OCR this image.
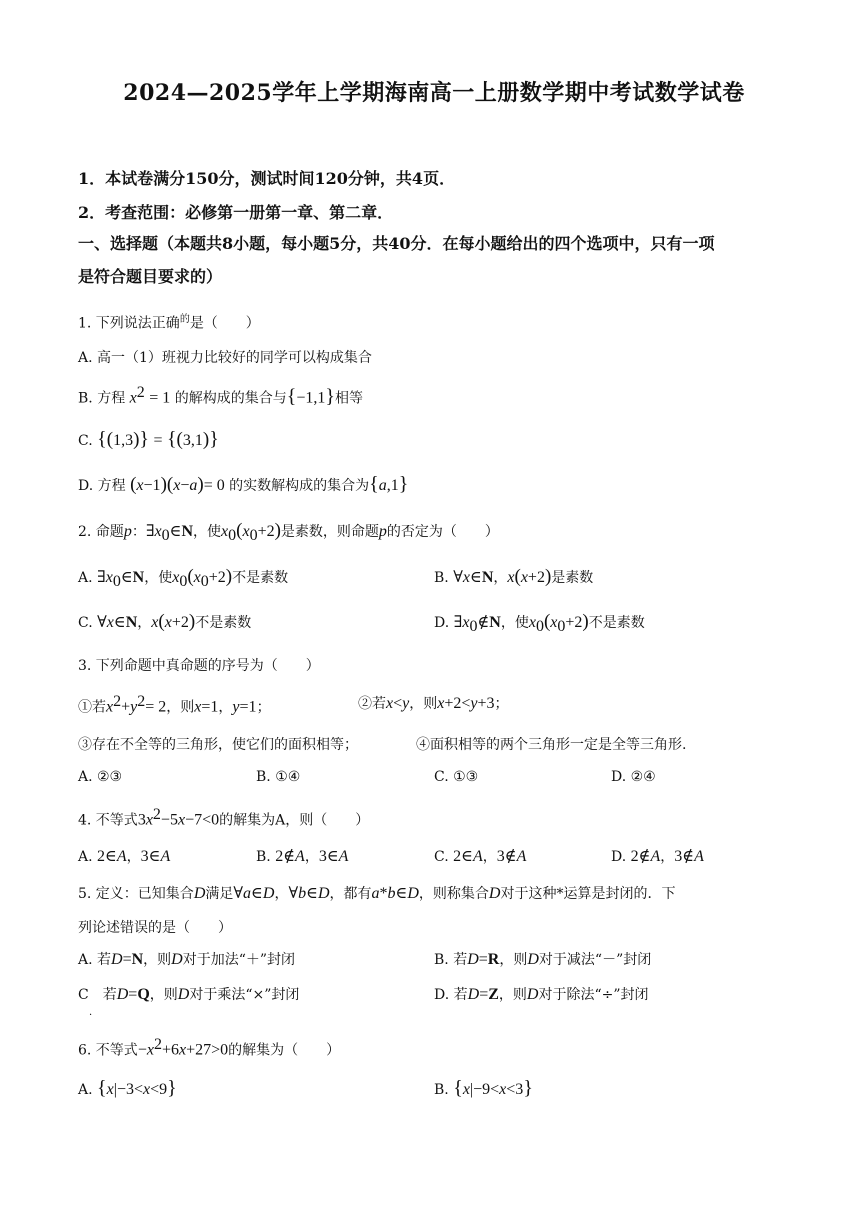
2024—2025学年上学期海南高一上册数学期中考试数学试卷
1．本试卷满分150分，测试时间120分钟，共4页．
2．考查范围：必修第一册第一章、第二章．
一、选择题（本题共8小题，每小题5分，共40分．在每小题给出的四个选项中，只有一项
是符合题目要求的）
1. 下列说法正确$^的$是（　　）
A. 高一（1）班视力比较好的同学可以构成集合
B. 方程 $x^2 = 1$ 的解构成的集合与{−1,1}相等
C. {(1,3)} = {(3,1)}
D. 方程 (x−1)(x−a)= 0 的实数解构成的集合为{a,1}
2. 命题p：$\exists x_0\in N$，使$x_0(x_0+2)$是素数，则命题p的否定为（　　）
A. $\exists x_0\in N$，使$x_0(x_0+2)$不是素数	B. ∀x∈N，x(x+2)是素数
C. ∀x∈N，x(x+2)不是素数	D. $\exists x_0\notin N$，使$x_0(x_0+2)$不是素数
3. 下列命题中真命题的序号为（　　）
①若$x^2+y^2= 2$，则x=1，y=1；	②若x<y，则x+2<y+3；
③存在不全等的三角形，使它们的面积相等；	④面积相等的两个三角形一定是全等三角形.
A. ②③	B. ①④	C. ①③	D. ②④
4. 不等式$3x^2-5x-7<0$的解集为A，则（　　）
A. 2∈A，3∈A	B. 2∉A，3∈A	C. 2∈A，3∉A	D. 2∉A，3∉A
5. 定义：已知集合D满足∀a∈D，∀b∈D，都有a*b∈D，则称集合D对于这种*运算是封闭的．下
列论述错误的是（　　）
A. 若D=N，则D对于加法“＋”封闭	B. 若D=R，则D对于减法“－”封闭
C　若D=Q，则D对于乘法“×”封闭	D. 若D=Z，则D对于除法“÷”封闭
·
6. 不等式$-x^2+6x+27>0$的解集为（　　）
A. {x|−3<x<9}	B. {x|−9<x<3}
